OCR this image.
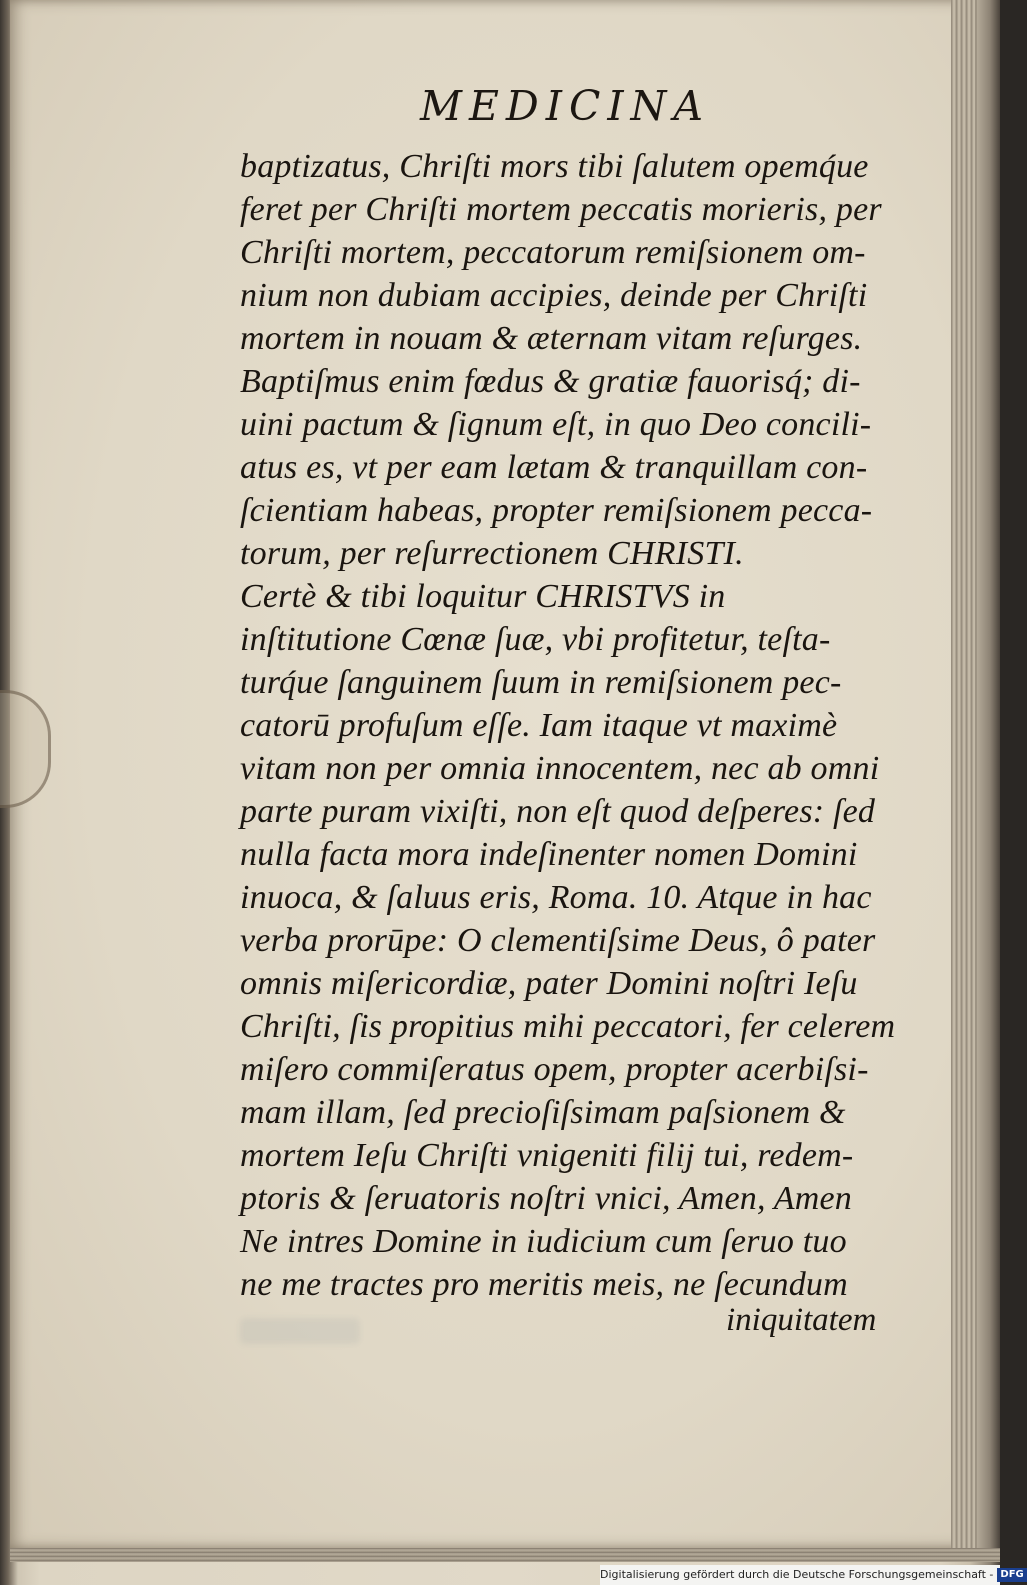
MEDICINA
baptizatus, Chriſti mors tibi ſalutem opemq́ue
feret per Chriſti mortem peccatis morieris, per
Chriſti mortem, peccatorum remiſsionem om-
nium non dubiam accipies, deinde per Chriſti
mortem in nouam & æternam vitam reſurges.
Baptiſmus enim fœdus & gratiæ fauorisq́; di-
uini pactum & ſignum eſt, in quo Deo concili-
atus es, vt per eam lætam & tranquillam con-
ſcientiam habeas, propter remiſsionem pecca-
torum, per reſurrectionem CHRISTI.
Certè & tibi loquitur CHRISTVS in
inſtitutione Cœnæ ſuæ, vbi profitetur, teſta-
turq́ue ſanguinem ſuum in remiſsionem pec-
catorū profuſum eſſe. Iam itaque vt maximè
vitam non per omnia innocentem, nec ab omni
parte puram vixiſti, non eſt quod deſperes: ſed
nulla facta mora indeſinenter nomen Domini
inuoca, & ſaluus eris, Roma. 10. Atque in hac
verba prorūpe: O clementiſsime Deus, ô pater
omnis miſericordiæ, pater Domini noſtri Ieſu
Chriſti, ſis propitius mihi peccatori, fer celerem
miſero commiſeratus opem, propter acerbiſsi-
mam illam, ſed precioſiſsimam paſsionem &
mortem Ieſu Chriſti vnigeniti filij tui, redem-
ptoris & ſeruatoris noſtri vnici, Amen, Amen
Ne intres Domine in iudicium cum ſeruo tuo
ne me tractes pro meritis meis, ne ſecundum
iniquitatem
Digitalisierung gefördert durch die Deutsche Forschungsgemeinschaft - DFG
